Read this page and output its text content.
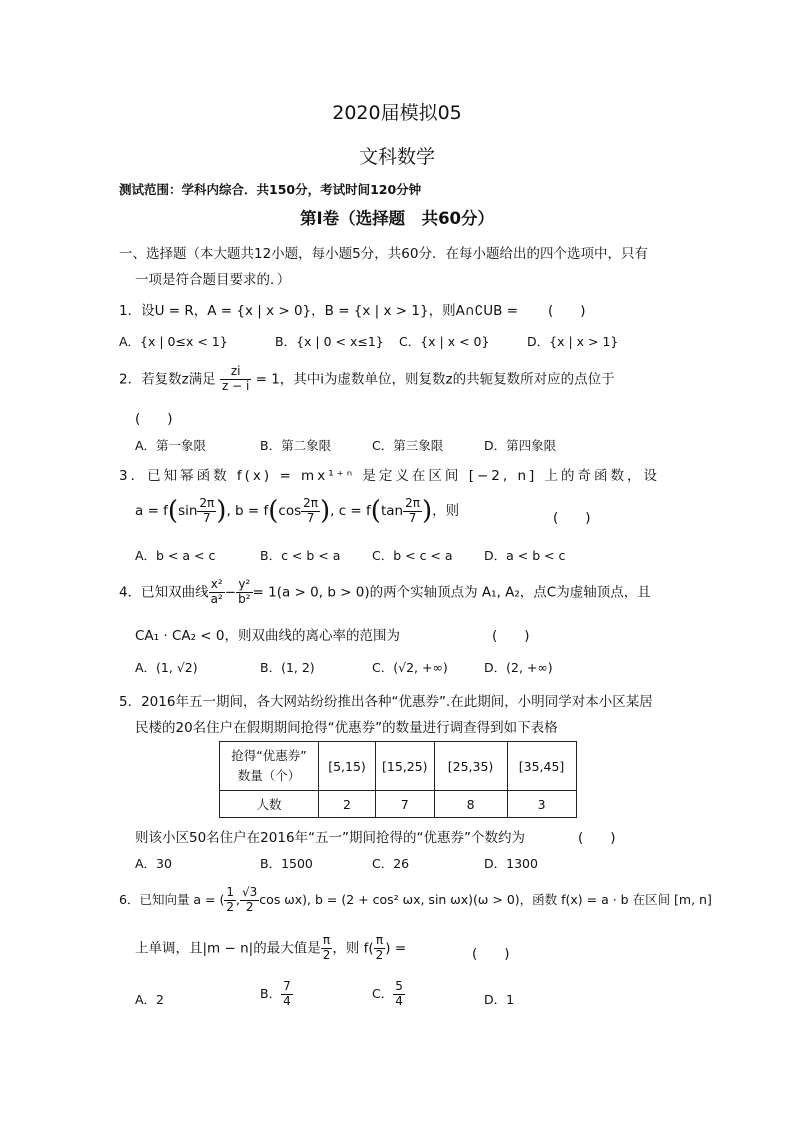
2020届模拟05
文科数学
测试范围：学科内综合．共150分，考试时间120分钟
第Ⅰ卷（选择题　共60分）
一、选择题（本大题共12小题，每小题5分，共60分．在每小题给出的四个选项中，只有
一项是符合题目要求的．）
1．设U = R，A = {x | x > 0}，B = {x | x > 1}，则A∩∁UB = (　　)
A．{x | 0≤x < 1}	B．{x | 0 < x≤1} C．{x | x < 0}	D．{x | x > 1}
2．若复数z满足 $\frac{zi}{z - i} = 1$，其中i为虚数单位，则复数z的共轭复数所对应的点位于
(　　)
A．第一象限	B．第二象限	C．第三象限	D．第四象限
3．已知幂函数 f(x) = mx¹⁺ⁿ 是定义在区间 [−2, n] 上的奇函数，设
$a = f(\sin \frac{2\pi}{7}$ ), $b = f(\cos \frac{2\pi}{7}$ ), $c = f(\tan \frac{2\pi}{7}$ )，则	(　　)
A．b < a < c	B．c < b < a	C．b < c < a	D．a < b < c
4．已知双曲线 $\frac{\text{x²}}{\text{a²}} - \frac{\text{y²}}{\text{b²}} = 1(a > 0$, b > 0)的两个实轴顶点为 A₁, A₂，点C为虚轴顶点，且
CA₁ · CA₂ < 0，则双曲线的离心率的范围为	(　　)
A．(1, √2)	B．(1, 2)	C．(√2, +∞)	D．(2, +∞)
5．2016年五一期间，各大网站纷纷推出各种“优惠券”.在此期间，小明同学对本小区某居
民楼的20名住户在假期期间抢得“优惠券”的数量进行调查得到如下表格
抢得“优惠券”
数量（个）	[5,15)	[15,25)	[25,35)	[35,45]
人数	2	7	8	3
则该小区50名住户在2016年“五一”期间抢得的“优惠券”个数约为	(　　)
A．30	B．1500	C．26	D．1300
6．已知向量 a = ( $\frac{1}{2}$ , $\frac{√3}{2}$ cos ωx), b = (2 + cos² ωx, sin ωx)(ω > 0)，函数 f(x) = a · b 在区间 [m, n]
上单调，且|m − n|的最大值是 $\frac{\pi}{2}$ ，则 $f( \frac{\pi}{2}$ ) =	(　　)
A．2	B． $\frac{7}{4}$	C． $\frac{5}{4}$	D．1
